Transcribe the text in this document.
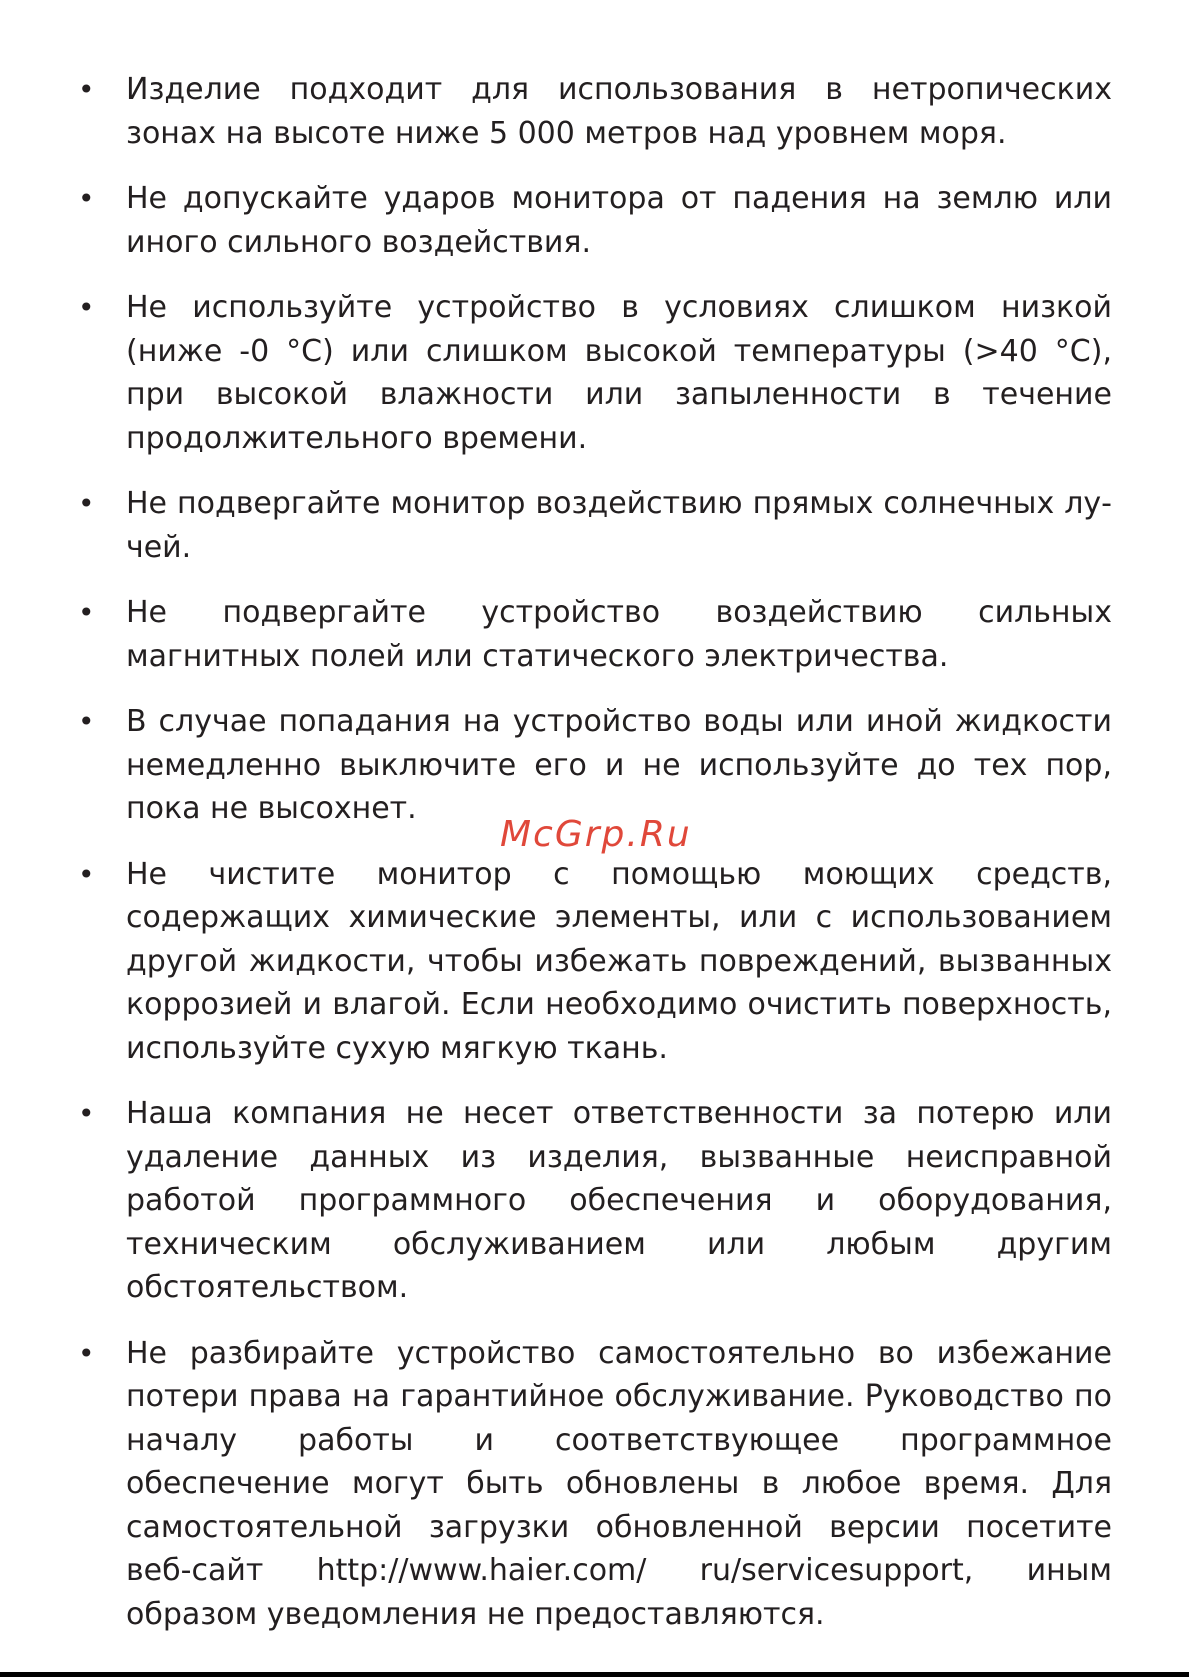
• Изделие подходит для использования в нетропических зонах на высоте ниже 5 000 метров над уровнем моря.
• Не допускайте ударов монитора от падения на землю или иного сильного воздействия.
• Не используйте устройство в условиях слишком низкой (ниже -0 °C) или слишком высокой температуры (>40 °C), при высокой влажности или запыленности в течение продолжительного времени.
• Не подвергайте монитор воздействию прямых солнечных лучей.
• Не подвергайте устройство воздействию сильных магнитных полей или статического электричества.
• В случае попадания на устройство воды или иной жидкости немедленно выключите его и не используйте до тех пор, пока не высохнет.
• Не чистите монитор с помощью моющих средств, содержащих химические элементы, или с использованием другой жидкости, чтобы избежать повреждений, вызванных коррозией и влагой. Если необходимо очистить поверхность, используйте сухую мягкую ткань.
• Наша компания не несет ответственности за потерю или удаление данных из изделия, вызванные неисправной работой программного обеспечения и оборудования, техническим обслуживанием или любым другим обстоятельством.
• Не разбирайте устройство самостоятельно во избежание потери права на гарантийное обслуживание. Руководство по началу работы и соответствующее программное обеспечение могут быть обновлены в любое время. Для самостоятельной загрузки обновленной версии посетите веб-сайт http://www.haier.com/ ru/servicesupport, иным образом уведомления не предоставляются.
McGrp.Ru
